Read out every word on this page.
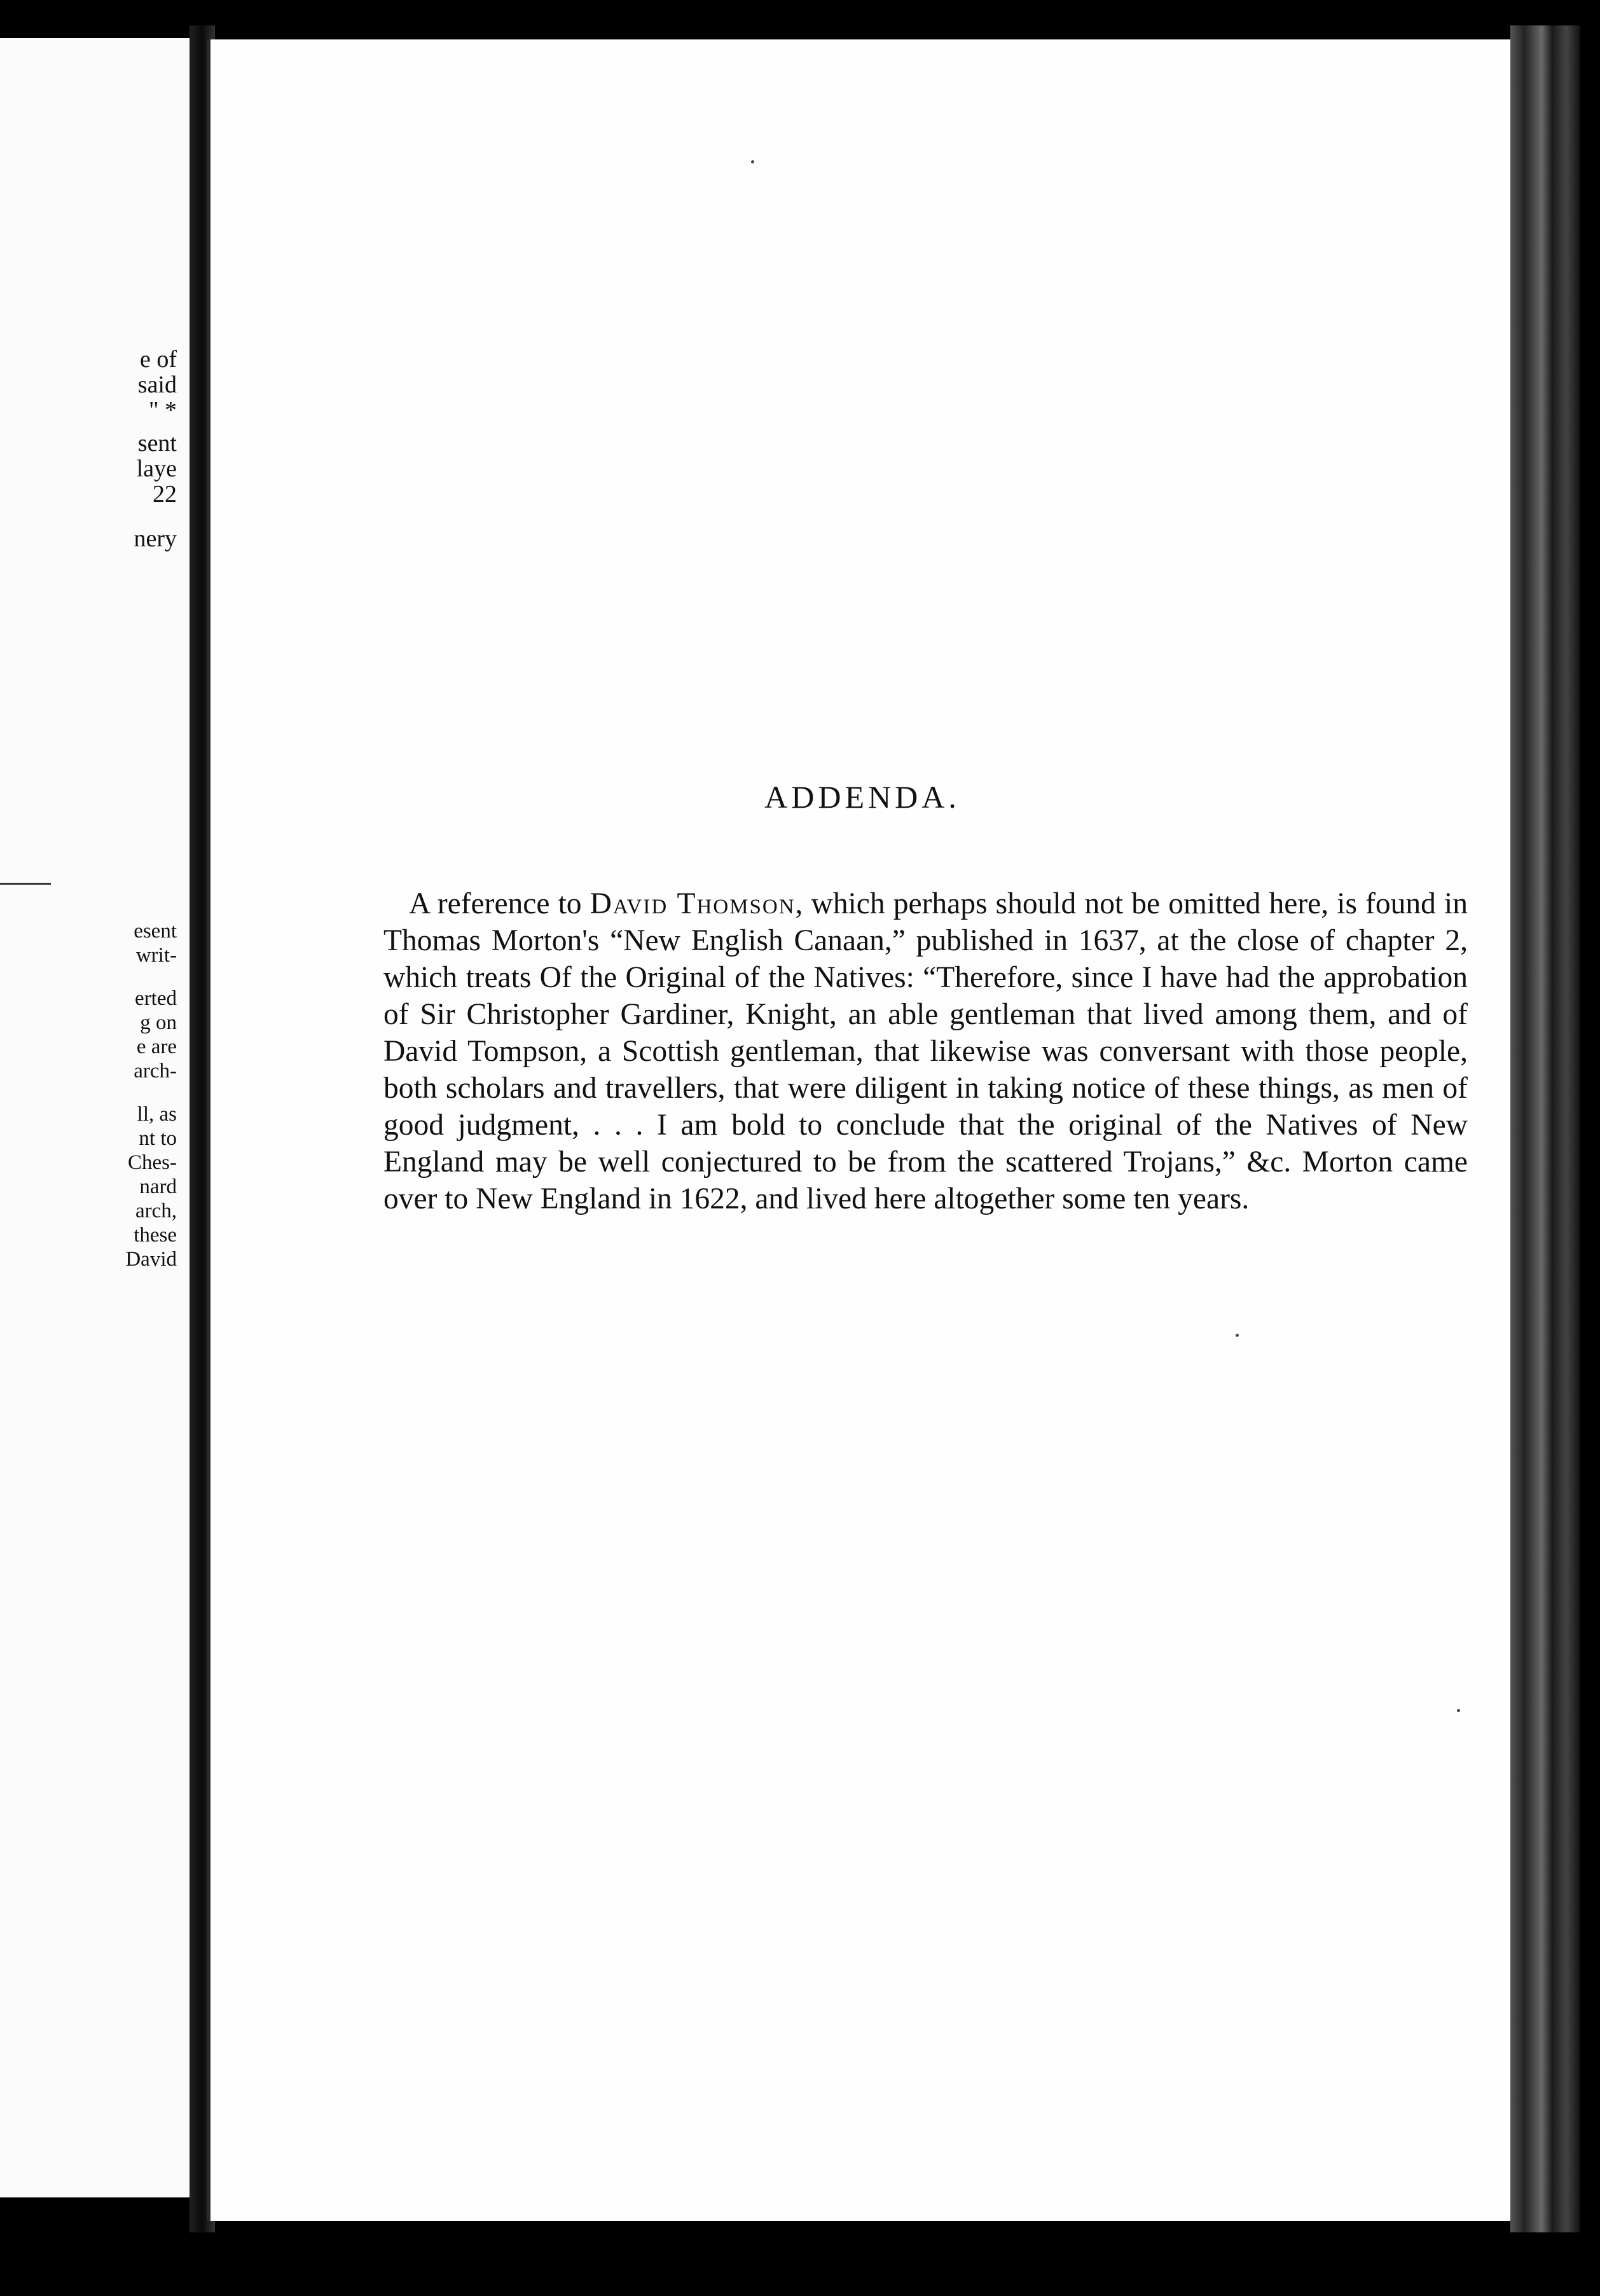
e of
said
" *
sent
laye
22
nery
esent
writ-
erted
g on
e are
arch-
ll, as
nt to
Ches-
nard
arch,
these
David
ADDENDA.

A reference to David Thomson, which perhaps should not be omitted here, is found in Thomas Morton's “New English Canaan,” published in 1637, at the close of chapter 2, which treats Of the Original of the Natives: “Therefore, since I have had the approbation of Sir Christopher Gardiner, Knight, an able gentleman that lived among them, and of David Tompson, a Scottish gentleman, that likewise was conversant with those people, both scholars and travellers, that were diligent in taking notice of these things, as men of good judgment, . . . I am bold to conclude that the original of the Natives of New England may be well conjectured to be from the scattered Trojans,” &c. Morton came over to New England in 1622, and lived here altogether some ten years.
